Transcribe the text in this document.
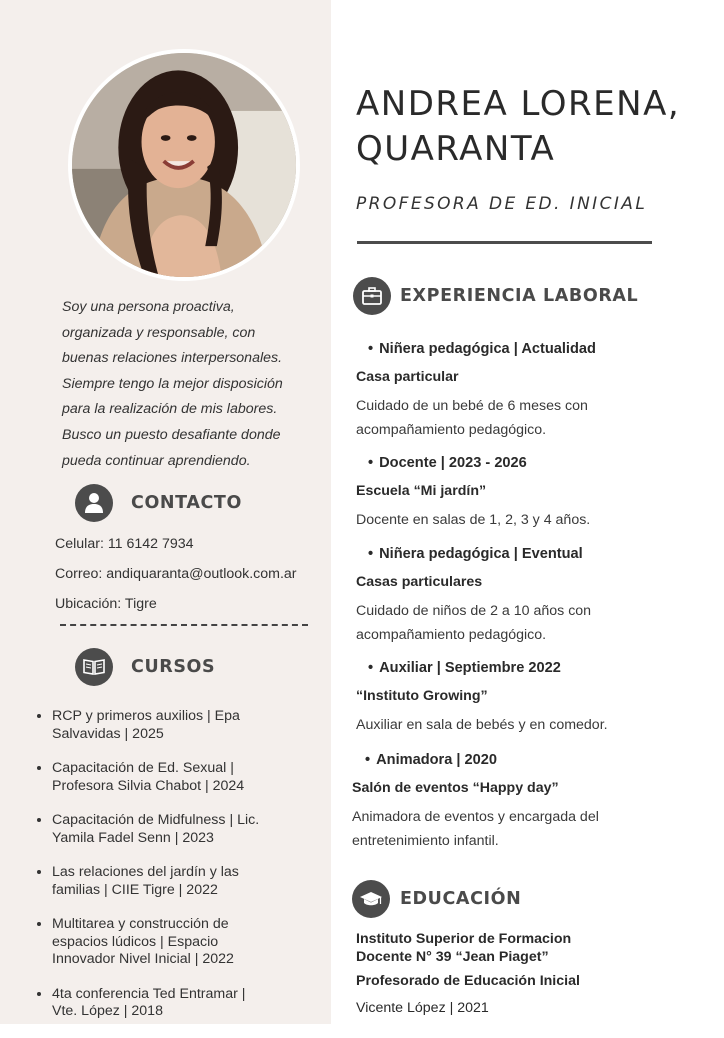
Soy una persona proactiva,
organizada y responsable, con
buenas relaciones interpersonales.
Siempre tengo la mejor disposición
para la realización de mis labores.
Busco un puesto desafiante donde
pueda continuar aprendiendo.

CONTACTO
Celular: 11 6142 7934
Correo: andiquaranta@outlook.com.ar
Ubicación: Tigre
CURSOS
• RCP y primeros auxilios | Epa
Salvavidas | 2025
• Capacitación de Ed. Sexual |
Profesora Silvia Chabot | 2024
• Capacitación de Midfulness | Lic.
Yamila Fadel Senn | 2023
• Las relaciones del jardín y las
familias | CIIE Tigre | 2022
• Multitarea y construcción de
espacios lúdicos | Espacio
Innovador Nivel Inicial | 2022
• 4ta conferencia Ted Entramar |
Vte. López | 2018
ANDREA LORENA,
QUARANTA
PROFESORA DE ED. INICIAL
EXPERIENCIA LABORAL
• Niñera pedagógica | Actualidad
Casa particular
Cuidado de un bebé de 6 meses con
acompañamiento pedagógico.
• Docente | 2023 - 2026
Escuela “Mi jardín”
Docente en salas de 1, 2, 3 y 4 años.
• Niñera pedagógica | Eventual
Casas particulares
Cuidado de niños de 2 a 10 años con
acompañamiento pedagógico.
• Auxiliar | Septiembre 2022
“Instituto Growing”
Auxiliar en sala de bebés y en comedor.
• Animadora | 2020
Salón de eventos “Happy day”
Animadora de eventos y encargada del
entretenimiento infantil.
EDUCACIÓN
Instituto Superior de Formacion
Docente N° 39 “Jean Piaget”
Profesorado de Educación Inicial
Vicente López | 2021
